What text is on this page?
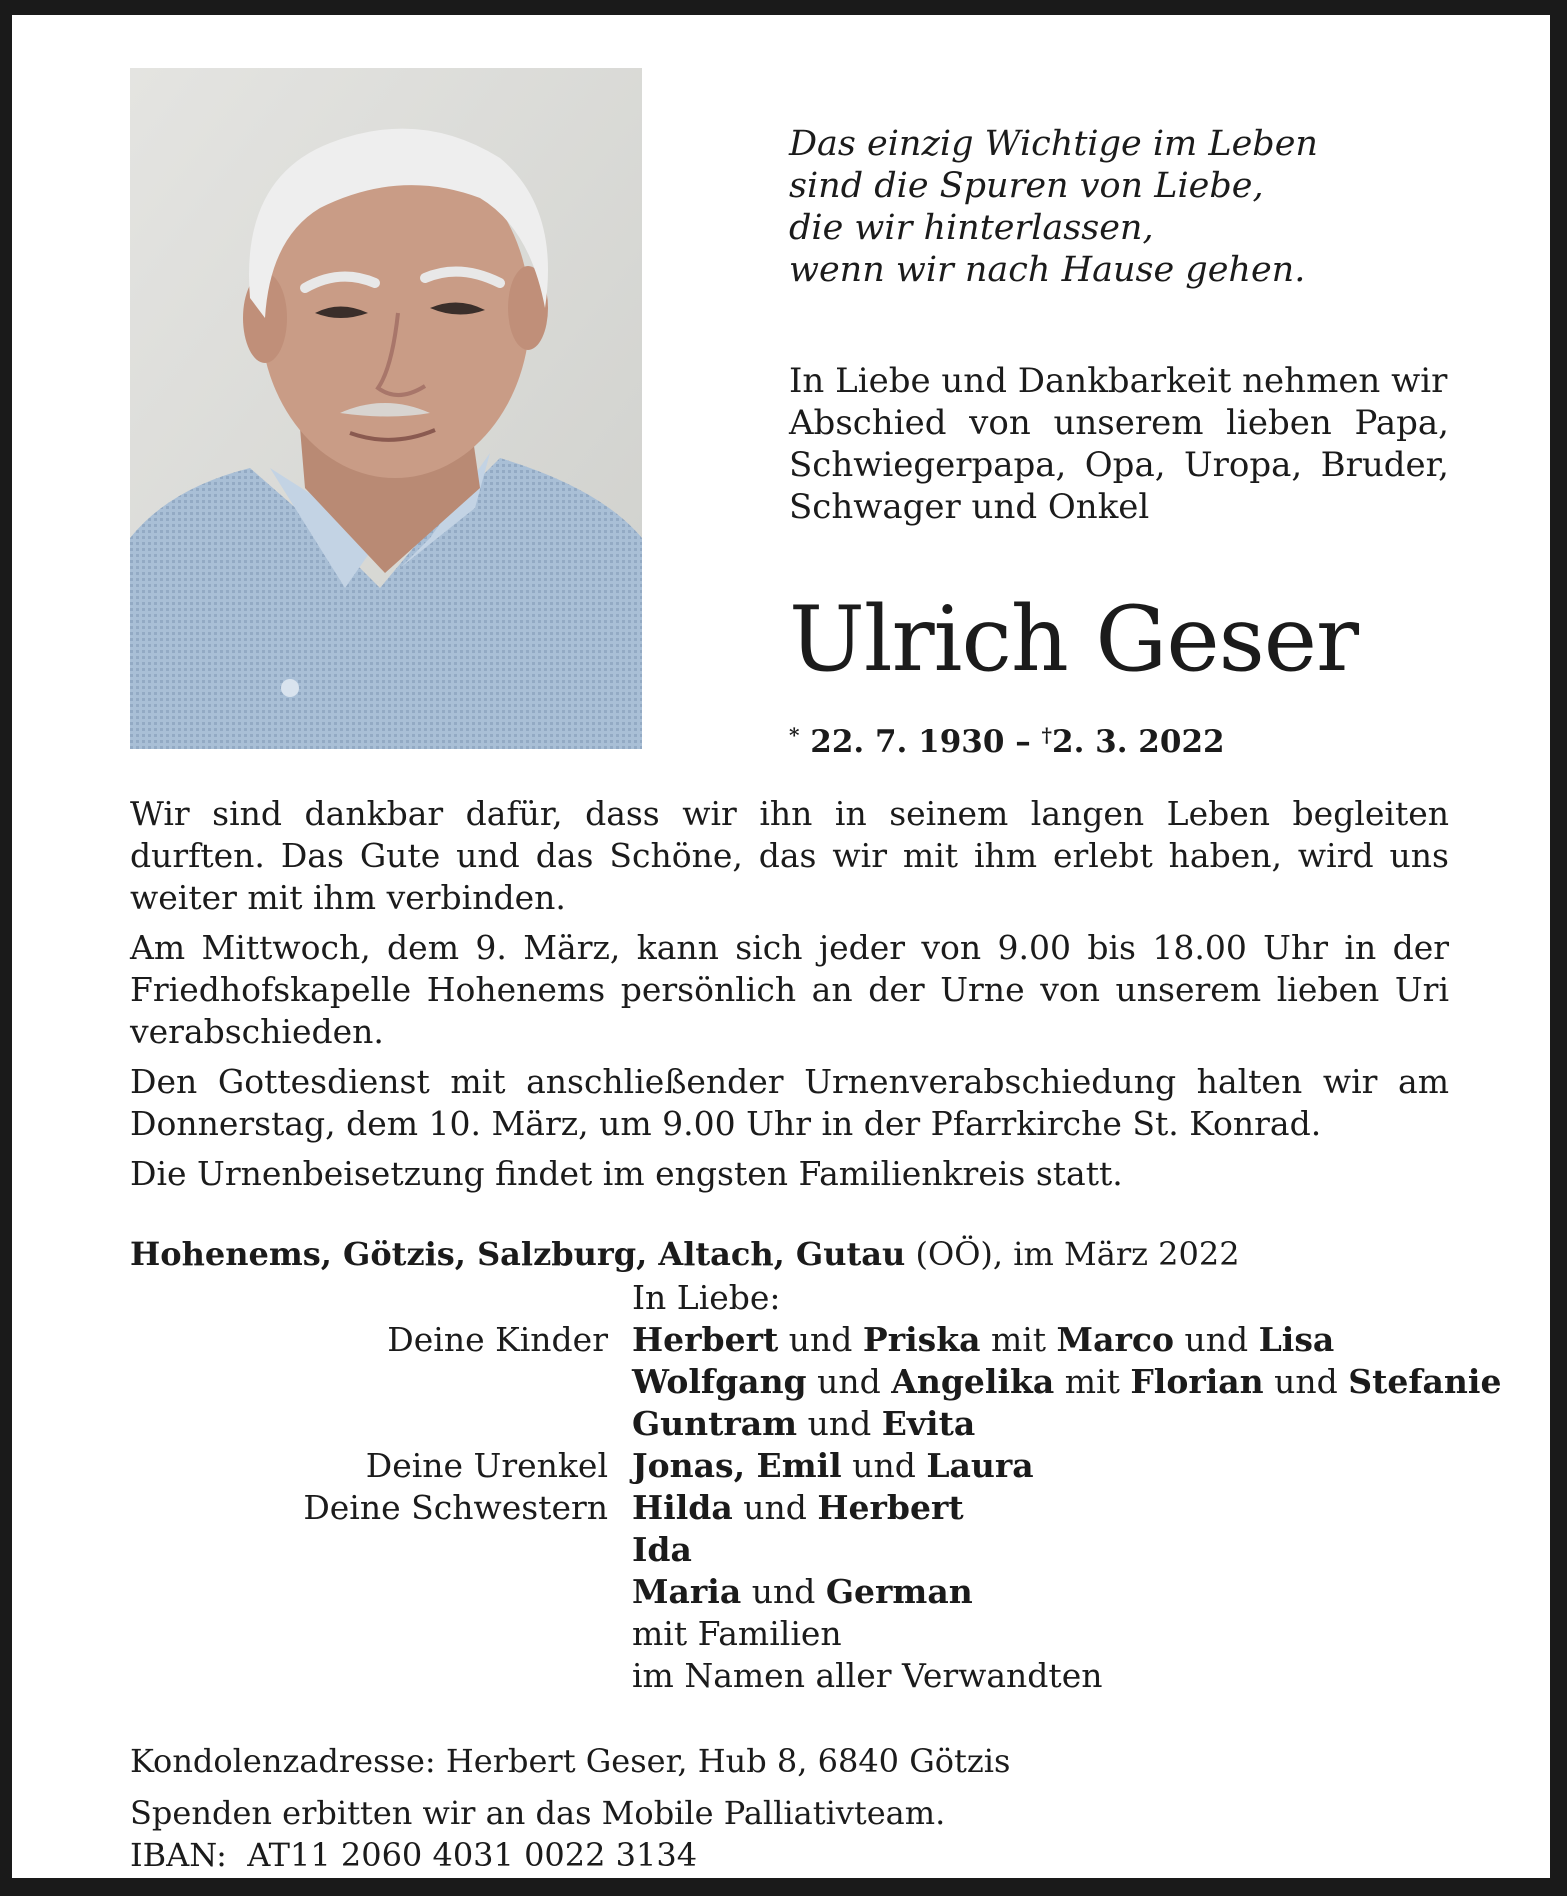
Das einzig Wichtige im Leben
sind die Spuren von Liebe,
die wir hinterlassen,
wenn wir nach Hause gehen.
In Liebe und Dankbarkeit nehmen wir
Abschied von unserem lieben Papa,
Schwiegerpapa, Opa, Uropa, Bruder,
Schwager und Onkel
Ulrich Geser
* 22. 7. 1930 – †2. 3. 2022

Wir sind dankbar dafür, dass wir ihn in seinem langen Leben begleiten durften. Das Gute und das Schöne, das wir mit ihm erlebt haben, wird uns weiter mit ihm verbinden.

Am Mittwoch, dem 9. März, kann sich jeder von 9.00 bis 18.00 Uhr in der Friedhofskapelle Hohenems persönlich an der Urne von unserem lieben Uri verabschieden.

Den Gottesdienst mit anschließender Urnenverabschiedung halten wir am Donnerstag, dem 10. März, um 9.00 Uhr in der Pfarrkirche St. Konrad.

Die Urnenbeisetzung findet im engsten Familienkreis statt.

Hohenems, Götzis, Salzburg, Altach, Gutau (OÖ), im März 2022
In Liebe:
Deine Kinder Herbert und Priska mit Marco und Lisa
Wolfgang und Angelika mit Florian und Stefanie
Guntram und Evita
Deine Urenkel Jonas, Emil und Laura
Deine Schwestern Hilda und Herbert
Ida
Maria und German
mit Familien
im Namen aller Verwandten
Kondolenzadresse: Herbert Geser, Hub 8, 6840 Götzis
Spenden erbitten wir an das Mobile Palliativteam.
IBAN: AT11 2060 4031 0022 3134
